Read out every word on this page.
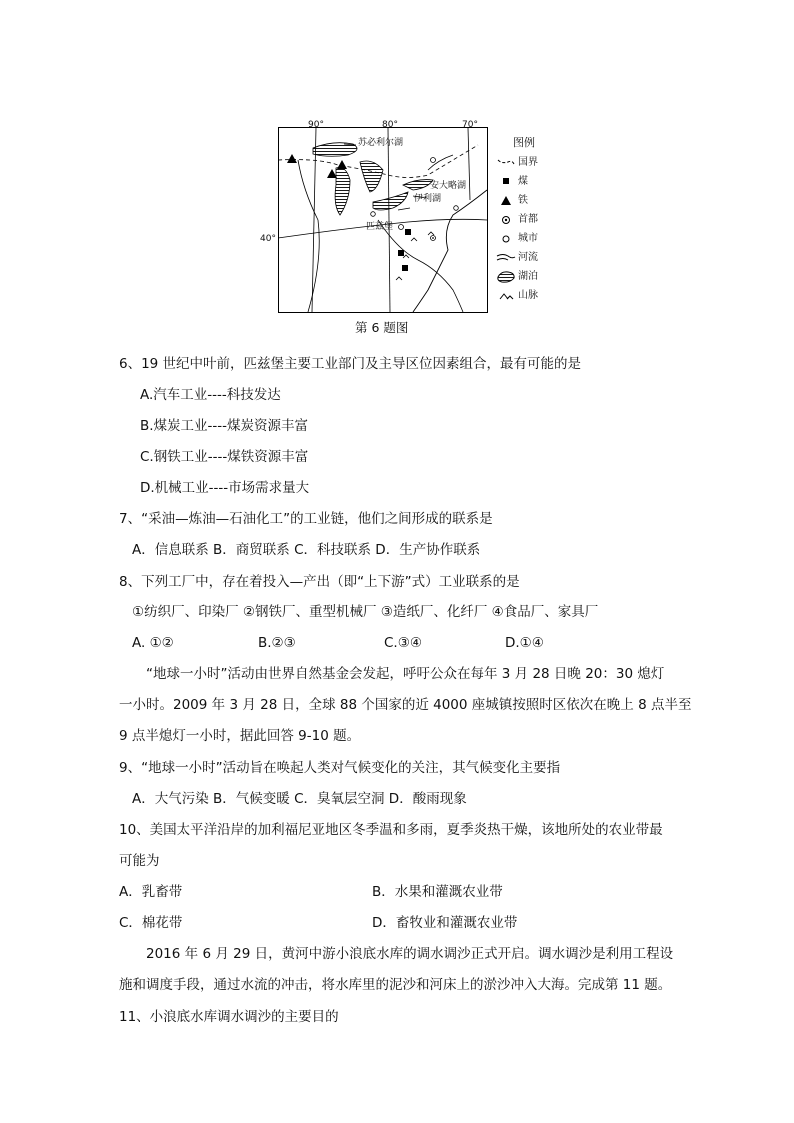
90°	80°	70°
40°
苏必利尔湖
安大略湖
伊利湖
匹兹堡
图例
国界
煤
铁
首都
城市
河流
湖泊
山脉
第 6 题图
6、19 世纪中叶前，匹兹堡主要工业部门及主导区位因素组合，最有可能的是
A.汽车工业----科技发达
B.煤炭工业----煤炭资源丰富
C.钢铁工业----煤铁资源丰富
D.机械工业----市场需求量大
7、“采油—炼油—石油化工”的工业链，他们之间形成的联系是
A．信息联系 B．商贸联系 C．科技联系 D．生产协作联系
8、下列工厂中，存在着投入—产出（即“上下游”式）工业联系的是
①纺织厂、印染厂 ②钢铁厂、重型机械厂 ③造纸厂、化纤厂 ④食品厂、家具厂
A. ①②	B.②③	C.③④	D.①④
“地球一小时”活动由世界自然基金会发起，呼吁公众在每年 3 月 28 日晚 20：30 熄灯
一小时。2009 年 3 月 28 日，全球 88 个国家的近 4000 座城镇按照时区依次在晚上 8 点半至
9 点半熄灯一小时，据此回答 9-10 题。
9、“地球一小时”活动旨在唤起人类对气候变化的关注，其气候变化主要指
A．大气污染 B．气候变暖 C．臭氧层空洞 D．酸雨现象
10、美国太平洋沿岸的加利福尼亚地区冬季温和多雨，夏季炎热干燥，该地所处的农业带最
可能为
A．乳畜带	B．水果和灌溉农业带
C．棉花带	D．畜牧业和灌溉农业带
2016 年 6 月 29 日，黄河中游小浪底水库的调水调沙正式开启。调水调沙是利用工程设
施和调度手段，通过水流的冲击，将水库里的泥沙和河床上的淤沙冲入大海。完成第 11 题。
11、小浪底水库调水调沙的主要目的
